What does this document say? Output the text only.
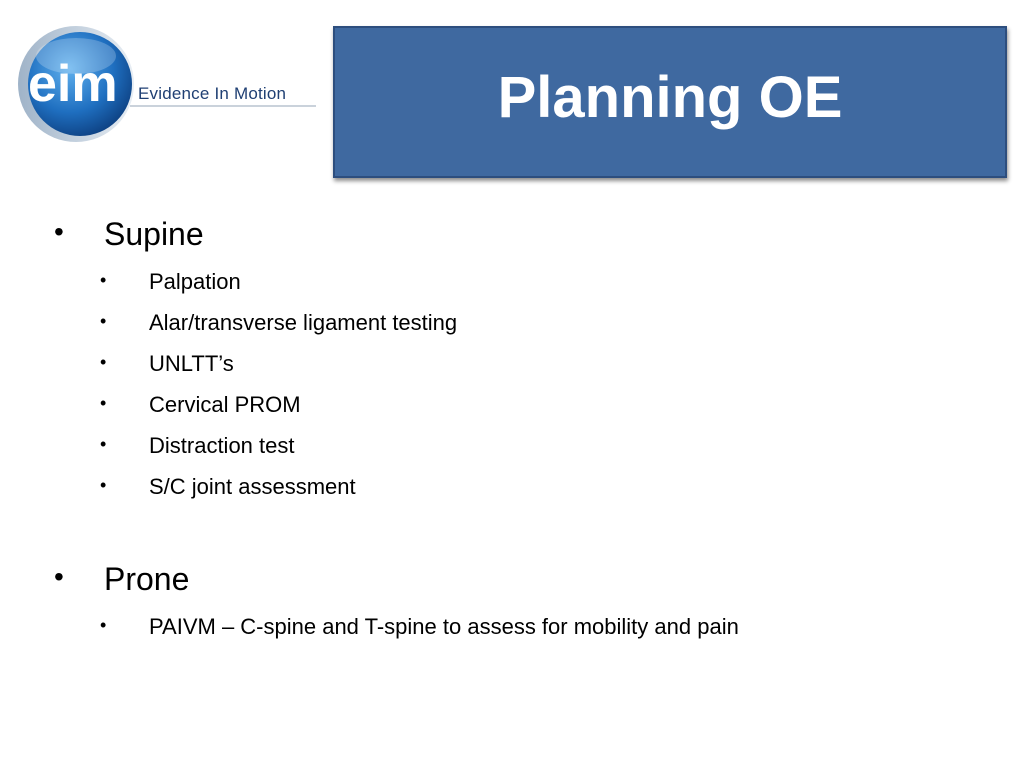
eim Evidence In Motion	Planning OE
• Supine
• Palpation
• Alar/transverse ligament testing
• UNLTT’s
• Cervical PROM
• Distraction test
• S/C joint assessment
• Prone
• PAIVM – C-spine and T-spine to assess for mobility and pain
